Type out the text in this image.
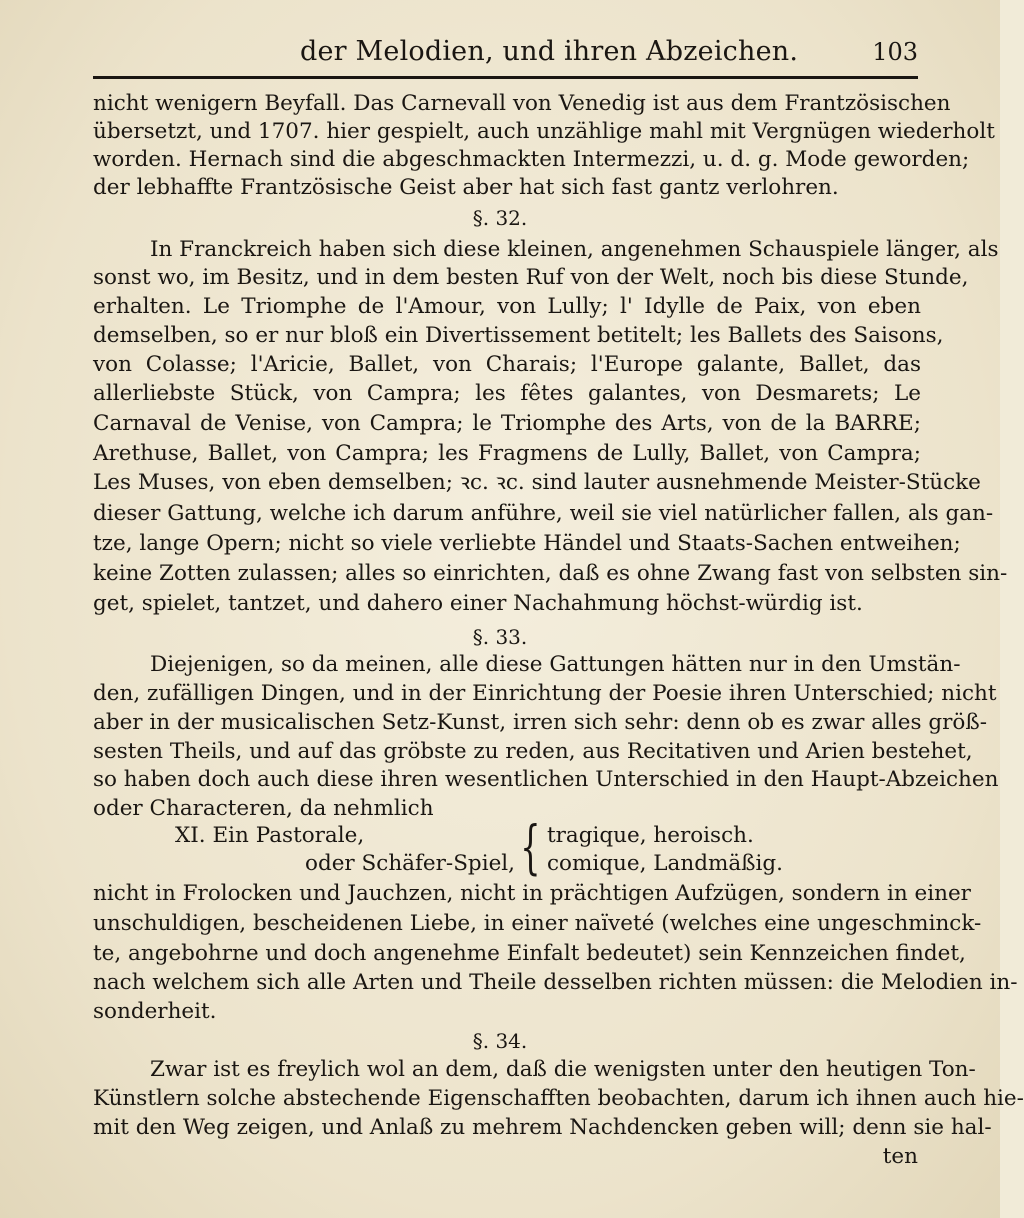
der Melodien, und ihren Abzeichen.	103
nicht wenigern Beyfall. Das Carnevall von Venedig ist aus dem Frantzösischen
übersetzt, und 1707. hier gespielt, auch unzählige mahl mit Vergnügen wiederholt
worden. Hernach sind die abgeschmackten Intermezzi, u. d. g. Mode geworden;
der lebhaffte Frantzösische Geist aber hat sich fast gantz verlohren.
§. 32.
In Franckreich haben sich diese kleinen, angenehmen Schauspiele länger, als
sonst wo, im Besitz, und in dem besten Ruf von der Welt, noch bis diese Stunde,
erhalten. Le Triomphe de l'Amour, von Lully; l' Idylle de Paix, von eben
demselben, so er nur bloß ein Divertissement betitelt; les Ballets des Saisons,
von Colasse; l'Aricie, Ballet, von Charais; l'Europe galante, Ballet, das
allerliebste Stück, von Campra; les fêtes galantes, von Desmarets; Le
Carnaval de Venise, von Campra; le Triomphe des Arts, von de la BARRE;
Arethuse, Ballet, von Campra; les Fragmens de Lully, Ballet, von Campra;
Les Muses, von eben demselben; ꝛc. ꝛc. sind lauter ausnehmende Meister-Stücke
dieser Gattung, welche ich darum anführe, weil sie viel natürlicher fallen, als gan-
tze, lange Opern; nicht so viele verliebte Händel und Staats-Sachen entweihen;
keine Zotten zulassen; alles so einrichten, daß es ohne Zwang fast von selbsten sin-
get, spielet, tantzet, und dahero einer Nachahmung höchst-würdig ist.
§. 33.
Diejenigen, so da meinen, alle diese Gattungen hätten nur in den Umstän-
den, zufälligen Dingen, und in der Einrichtung der Poesie ihren Unterschied; nicht
aber in der musicalischen Setz-Kunst, irren sich sehr: denn ob es zwar alles größ-
sesten Theils, und auf das gröbste zu reden, aus Recitativen und Arien bestehet,
so haben doch auch diese ihren wesentlichen Unterschied in den Haupt-Abzeichen
oder Characteren, da nehmlich
XI. Ein Pastorale,
oder Schäfer-Spiel, { tragique, heroisch.
comique, Landmäßig.
nicht in Frolocken und Jauchzen, nicht in prächtigen Aufzügen, sondern in einer
unschuldigen, bescheidenen Liebe, in einer naïveté (welches eine ungeschminck-
te, angebohrne und doch angenehme Einfalt bedeutet) sein Kennzeichen findet,
nach welchem sich alle Arten und Theile desselben richten müssen: die Melodien in-
sonderheit.
§. 34.
Zwar ist es freylich wol an dem, daß die wenigsten unter den heutigen Ton-
Künstlern solche abstechende Eigenschafften beobachten, darum ich ihnen auch hie-
mit den Weg zeigen, und Anlaß zu mehrem Nachdencken geben will; denn sie hal-
ten
